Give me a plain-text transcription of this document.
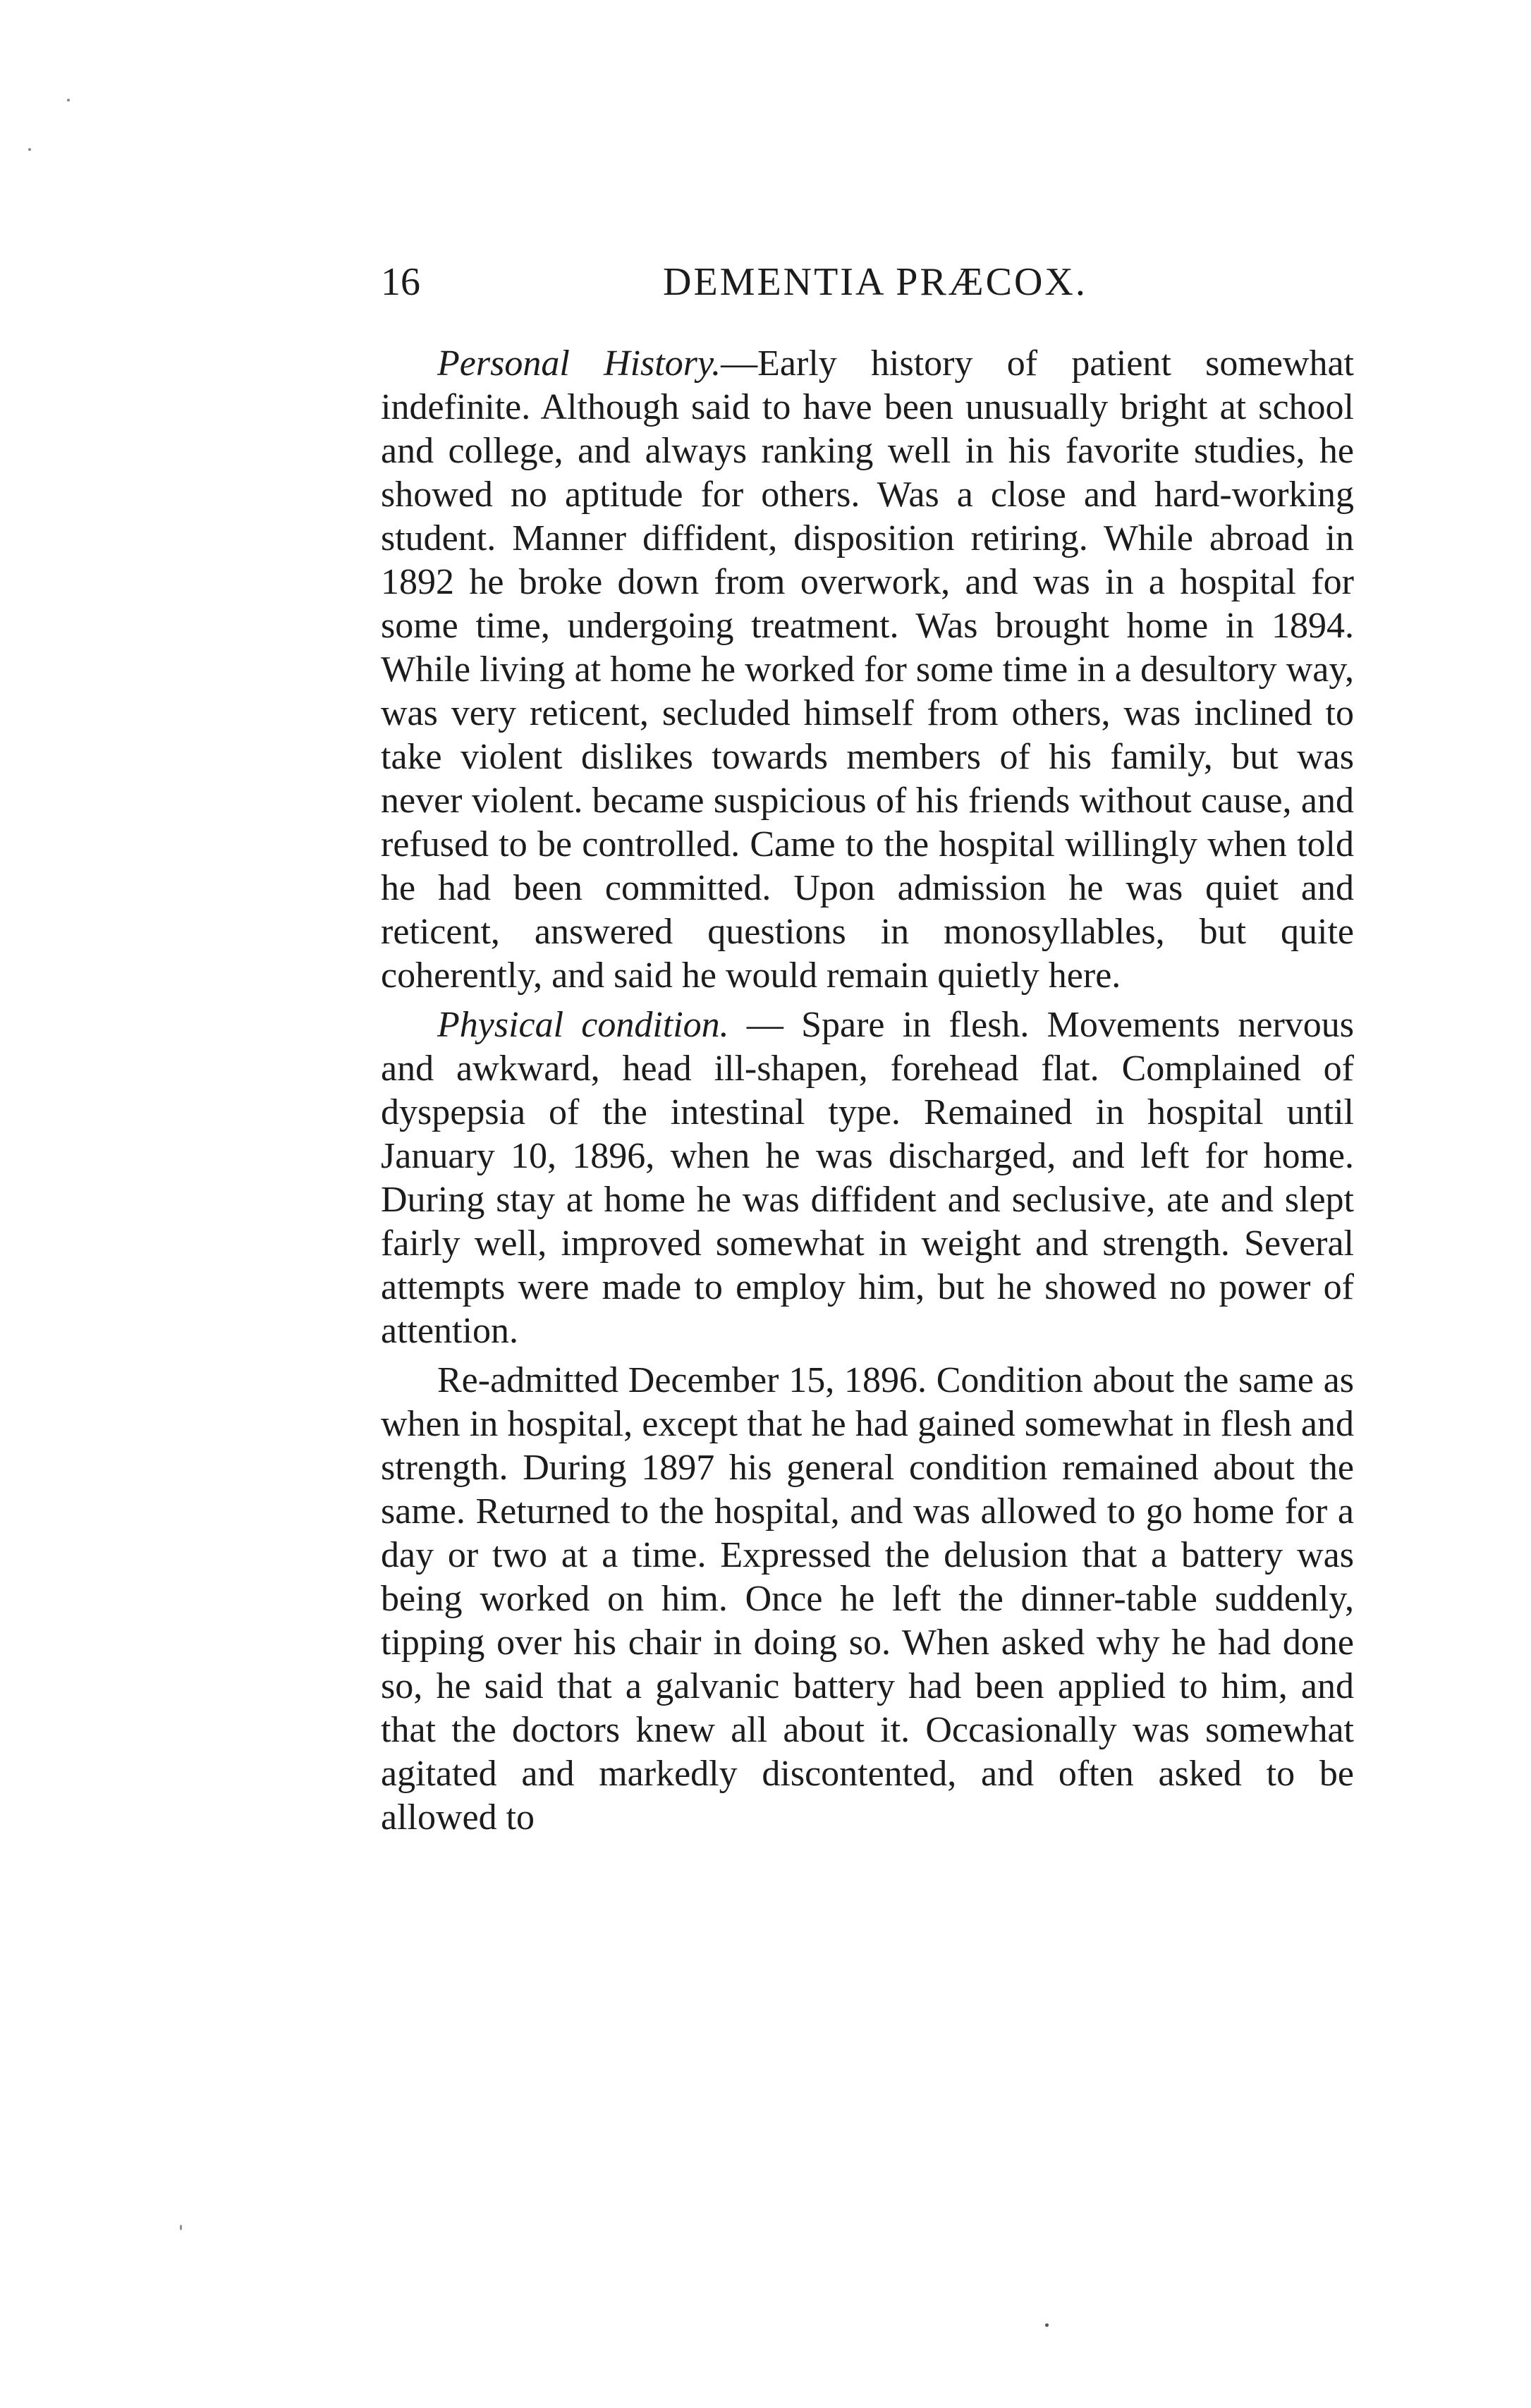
16	DEMENTIA PRÆCOX.

Personal History.—Early history of patient somewhat indefinite. Although said to have been unusually bright at school and college, and always ranking well in his favorite studies, he showed no aptitude for others. Was a close and hard-working student. Manner diffident, disposition retiring. While abroad in 1892 he broke down from overwork, and was in a hospital for some time, undergoing treatment. Was brought home in 1894. While living at home he worked for some time in a desultory way, was very reticent, secluded himself from others, was inclined to take violent dislikes towards members of his family, but was never violent. became suspicious of his friends without cause, and refused to be controlled. Came to the hospital willingly when told he had been committed. Upon admission he was quiet and reticent, answered questions in monosyllables, but quite coherently, and said he would remain quietly here.

Physical condition. — Spare in flesh. Movements nervous and awkward, head ill-shapen, forehead flat. Complained of dyspepsia of the intestinal type. Remained in hospital until January 10, 1896, when he was discharged, and left for home. During stay at home he was diffident and seclusive, ate and slept fairly well, improved somewhat in weight and strength. Several attempts were made to employ him, but he showed no power of attention.

Re-admitted December 15, 1896. Condition about the same as when in hospital, except that he had gained somewhat in flesh and strength. During 1897 his general condition remained about the same. Returned to the hospital, and was allowed to go home for a day or two at a time. Expressed the delusion that a battery was being worked on him. Once he left the dinner-table suddenly, tipping over his chair in doing so. When asked why he had done so, he said that a galvanic battery had been applied to him, and that the doctors knew all about it. Occasionally was somewhat agitated and markedly discontented, and often asked to be allowed to
